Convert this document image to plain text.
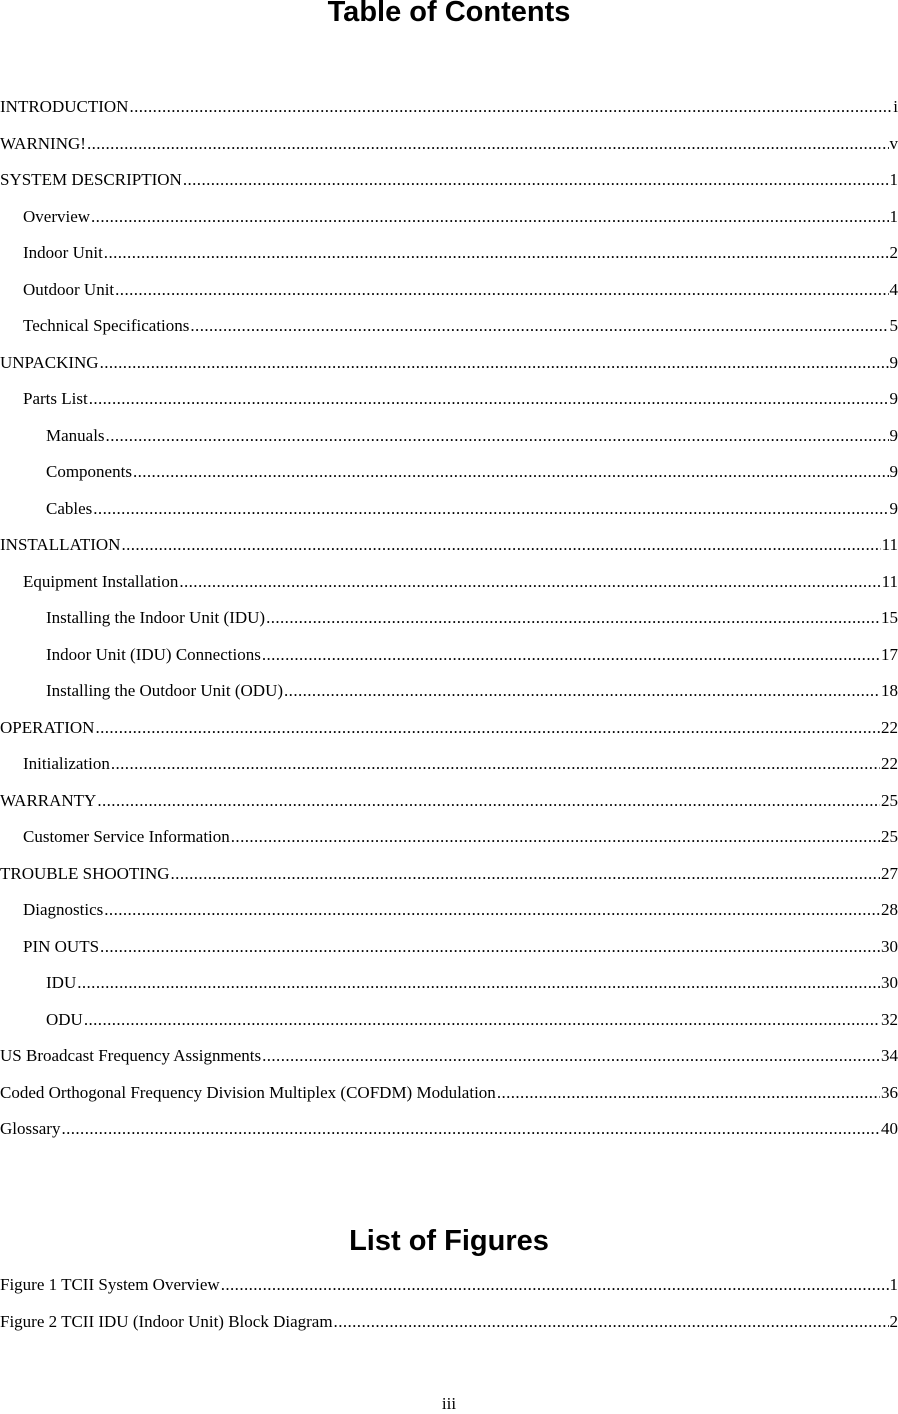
Table of Contents
INTRODUCTION .....	i
WARNING! .....	v
SYSTEM DESCRIPTION .....	1
Overview .....	1
Indoor Unit .....	2
Outdoor Unit .....	4
Technical Specifications .....	5
UNPACKING .....	9
Parts List .....	9
Manuals .....	9
Components .....	9
Cables .....	9
INSTALLATION .....	11
Equipment Installation .....	11
Installing the Indoor Unit (IDU) .....	15
Indoor Unit (IDU) Connections .....	17
Installing the Outdoor Unit (ODU) .....	18
OPERATION .....	22
Initialization .....	22
WARRANTY .....	25
Customer Service Information .....	25
TROUBLE SHOOTING .....	27
Diagnostics .....	28
PIN OUTS .....	30
IDU .....	30
ODU .....	32
US Broadcast Frequency Assignments .....	34
Coded Orthogonal Frequency Division Multiplex (COFDM) Modulation .....	36
Glossary .....	40
List of Figures
Figure 1 TCII System Overview .....	1
Figure 2 TCII IDU (Indoor Unit) Block Diagram .....	2
iii
